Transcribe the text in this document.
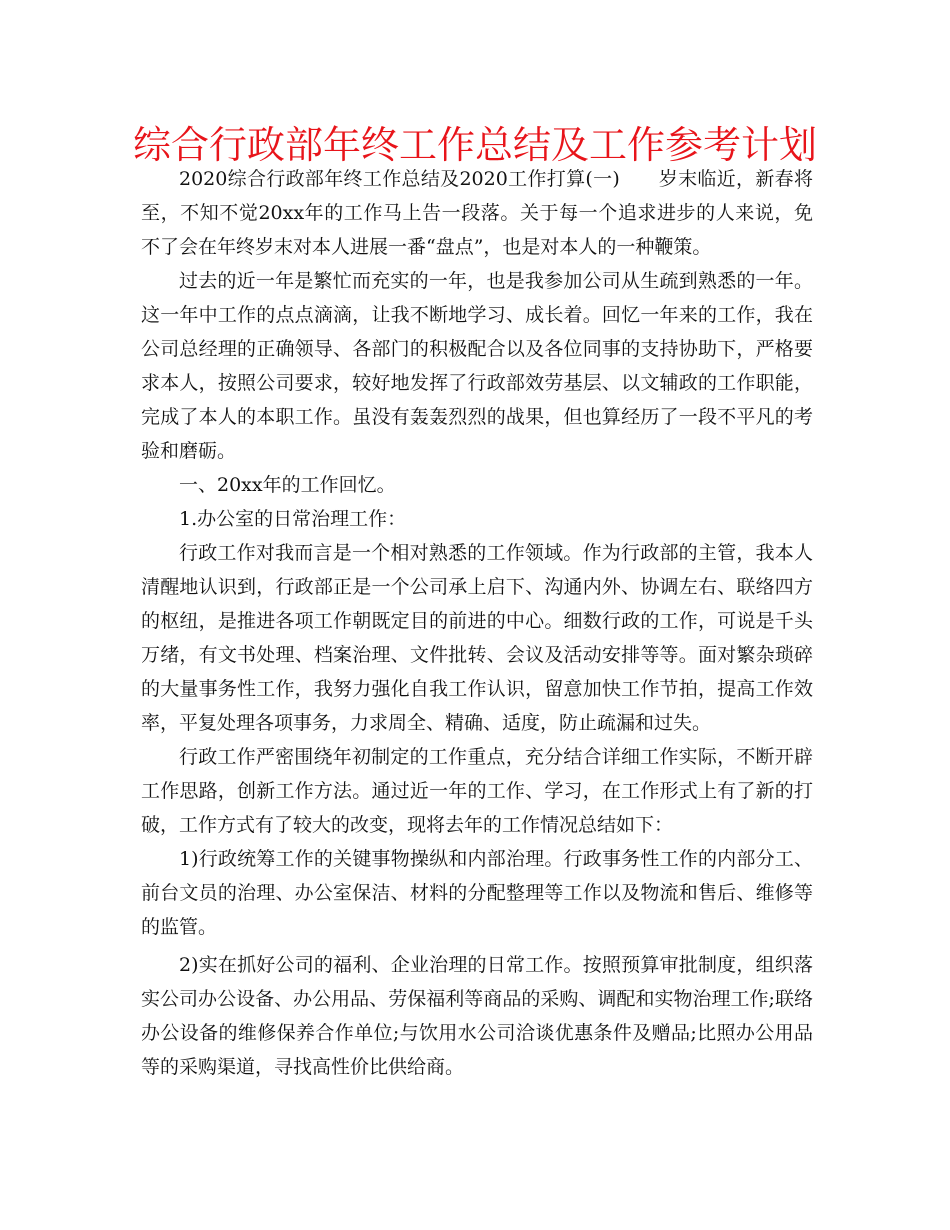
综合行政部年终工作总结及工作参考计划

2020综合行政部年终工作总结及2020工作打算(一)　　岁末临近，新春将至，不知不觉20xx年的工作马上告一段落。关于每一个追求进步的人来说，免不了会在年终岁末对本人进展一番“盘点”，也是对本人的一种鞭策。

过去的近一年是繁忙而充实的一年，也是我参加公司从生疏到熟悉的一年。这一年中工作的点点滴滴，让我不断地学习、成长着。回忆一年来的工作，我在公司总经理的正确领导、各部门的积极配合以及各位同事的支持协助下，严格要求本人，按照公司要求，较好地发挥了行政部效劳基层、以文辅政的工作职能，完成了本人的本职工作。虽没有轰轰烈烈的战果，但也算经历了一段不平凡的考验和磨砺。

一、20xx年的工作回忆。

1.办公室的日常治理工作：

行政工作对我而言是一个相对熟悉的工作领域。作为行政部的主管，我本人清醒地认识到，行政部正是一个公司承上启下、沟通内外、协调左右、联络四方的枢纽，是推进各项工作朝既定目的前进的中心。细数行政的工作，可说是千头万绪，有文书处理、档案治理、文件批转、会议及活动安排等等。面对繁杂琐碎的大量事务性工作，我努力强化自我工作认识，留意加快工作节拍，提高工作效率，平复处理各项事务，力求周全、精确、适度，防止疏漏和过失。

行政工作严密围绕年初制定的工作重点，充分结合详细工作实际，不断开辟工作思路，创新工作方法。通过近一年的工作、学习，在工作形式上有了新的打破，工作方式有了较大的改变，现将去年的工作情况总结如下：

1)行政统筹工作的关键事物操纵和内部治理。行政事务性工作的内部分工、前台文员的治理、办公室保洁、材料的分配整理等工作以及物流和售后、维修等的监管。

2)实在抓好公司的福利、企业治理的日常工作。按照预算审批制度，组织落实公司办公设备、办公用品、劳保福利等商品的采购、调配和实物治理工作;联络办公设备的维修保养合作单位;与饮用水公司洽谈优惠条件及赠品;比照办公用品等的采购渠道，寻找高性价比供给商。
